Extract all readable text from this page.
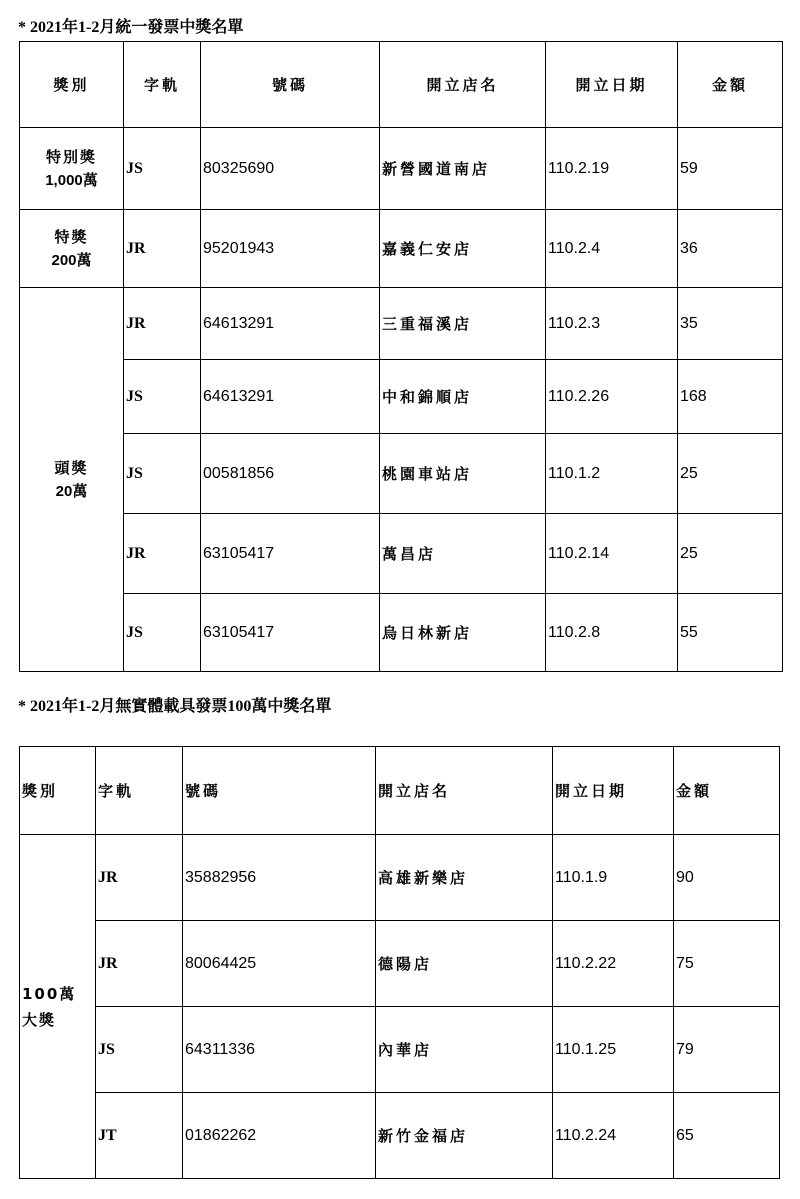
* 2021年1-2月統一發票中獎名單
獎別	字軌	號碼	開立店名	開立日期	金額

特別獎
1,000萬	JS	80325690	新營國道南店	110.2.19	59

特獎
200萬	JR	95201943	嘉義仁安店	110.2.4	36

頭獎
20萬	JR	64613291	三重福溪店	110.2.3	35
	JS	64613291	中和錦順店	110.2.26	168
	JS	00581856	桃園車站店	110.1.2	25
	JR	63105417	萬昌店	110.2.14	25
	JS	63105417	烏日林新店	110.2.8	55
* 2021年1-2月無實體載具發票100萬中獎名單
獎別	字軌	號碼	開立店名	開立日期	金額

100萬
大獎	JR	35882956	高雄新樂店	110.1.9	90
	JR	80064425	德陽店	110.2.22	75
	JS	64311336	內華店	110.1.25	79
	JT	01862262	新竹金福店	110.2.24	65
